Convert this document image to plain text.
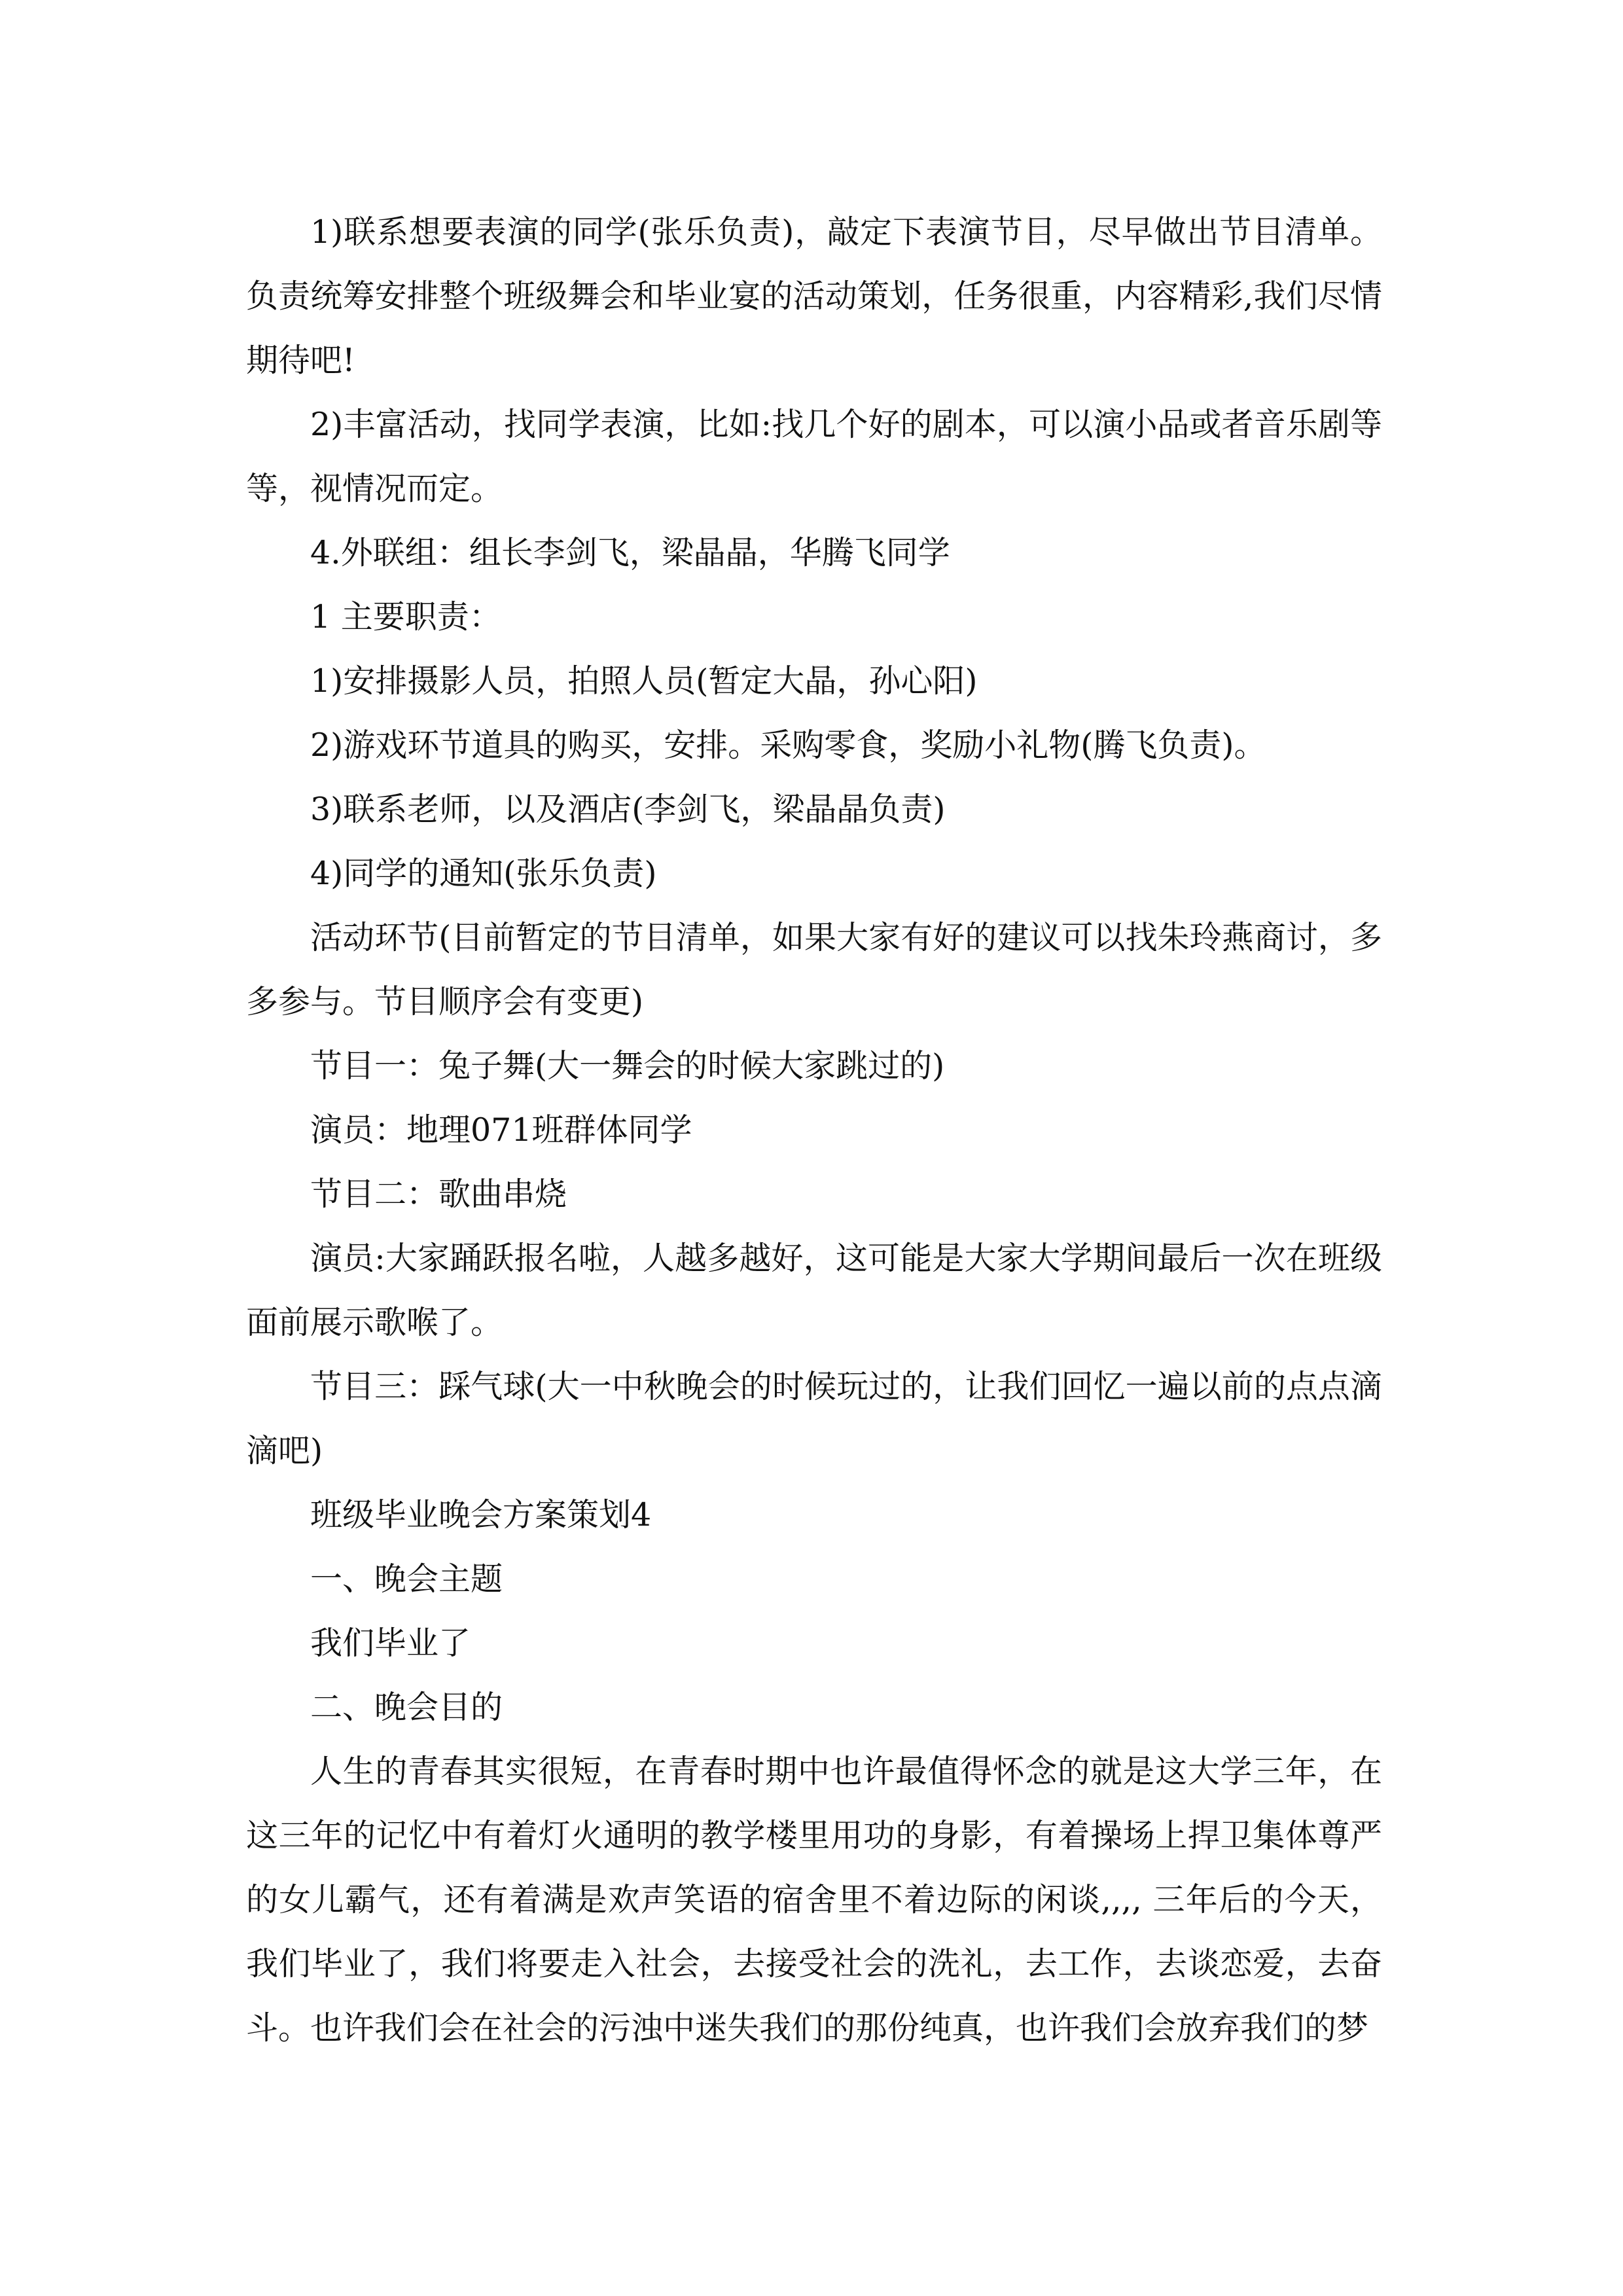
1)联系想要表演的同学(张乐负责)，敲定下表演节目，尽早做出节目清单。负责统筹安排整个班级舞会和毕业宴的活动策划，任务很重，内容精彩,我们尽情期待吧!

2)丰富活动，找同学表演，比如:找几个好的剧本，可以演小品或者音乐剧等等，视情况而定。

4.外联组：组长李剑飞，梁晶晶，华腾飞同学

1 主要职责：

1)安排摄影人员，拍照人员(暂定大晶，孙心阳)

2)游戏环节道具的购买，安排。采购零食，奖励小礼物(腾飞负责)。

3)联系老师，以及酒店(李剑飞，梁晶晶负责)

4)同学的通知(张乐负责)

活动环节(目前暂定的节目清单，如果大家有好的建议可以找朱玲燕商讨，多多参与。节目顺序会有变更)

节目一：兔子舞(大一舞会的时候大家跳过的)

演员：地理071班群体同学

节目二：歌曲串烧

演员:大家踊跃报名啦，人越多越好，这可能是大家大学期间最后一次在班级面前展示歌喉了。

节目三：踩气球(大一中秋晚会的时候玩过的，让我们回忆一遍以前的点点滴滴吧)

班级毕业晚会方案策划4

一、晚会主题

我们毕业了

二、晚会目的

人生的青春其实很短，在青春时期中也许最值得怀念的就是这大学三年，在这三年的记忆中有着灯火通明的教学楼里用功的身影，有着操场上捍卫集体尊严的女儿霸气，还有着满是欢声笑语的宿舍里不着边际的闲谈,,,, 三年后的今天，我们毕业了，我们将要走入社会，去接受社会的洗礼，去工作，去谈恋爱，去奋斗。也许我们会在社会的污浊中迷失我们的那份纯真，也许我们会放弃我们的梦
